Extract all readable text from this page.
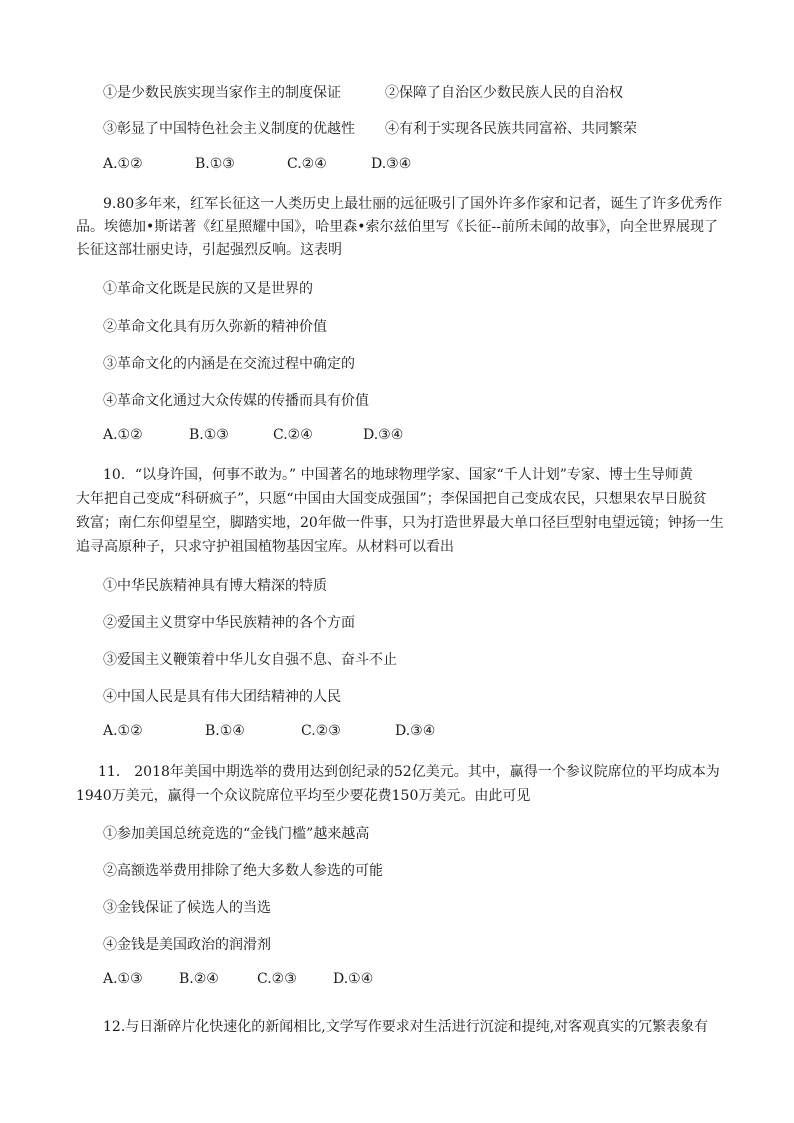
①是少数民族实现当家作主的制度保证	②保障了自治区少数民族人民的自治权
③彰显了中国特色社会主义制度的优越性 ④有利于实现各民族共同富裕、共同繁荣
A.①②	B.①③	C.②④	D.③④
9.80多年来，红军长征这一人类历史上最壮丽的远征吸引了国外许多作家和记者，诞生了许多优秀作
品。埃德加•斯诺著《红星照耀中国》，哈里森•索尔兹伯里写《长征--前所未闻的故事》，向全世界展现了
长征这部壮丽史诗，引起强烈反响。这表明
①革命文化既是民族的又是世界的
②革命文化具有历久弥新的精神价值
③革命文化的内涵是在交流过程中确定的
④革命文化通过大众传媒的传播而具有价值
A.①②	B.①③	C.②④	D.③④
10．“以身许国，何事不敢为。” 中国著名的地球物理学家、国家“千人计划”专家、博士生导师黄
大年把自己变成“科研疯子”，只愿“中国由大国变成强国”；李保国把自己变成农民，只想果农早日脱贫
致富；南仁东仰望星空，脚踏实地，20年做一件事，只为打造世界最大单口径巨型射电望远镜；钟扬一生
追寻高原种子，只求守护祖国植物基因宝库。从材料可以看出
①中华民族精神具有博大精深的特质
②爱国主义贯穿中华民族精神的各个方面
③爱国主义鞭策着中华儿女自强不息、奋斗不止
④中国人民是具有伟大团结精神的人民
A.①②	B.①④	C.②③	D.③④
11． 2018年美国中期选举的费用达到创纪录的52亿美元。其中，赢得一个参议院席位的平均成本为
1940万美元，赢得一个众议院席位平均至少要花费150万美元。由此可见
①参加美国总统竞选的“金钱门槛”越来越高
②高额选举费用排除了绝大多数人参选的可能
③金钱保证了候选人的当选
④金钱是美国政治的润滑剂
A.①③	B.②④	C.②③	D.①④
12.与日渐碎片化快速化的新闻相比,文学写作要求对生活进行沉淀和提纯,对客观真实的冗繁表象有
